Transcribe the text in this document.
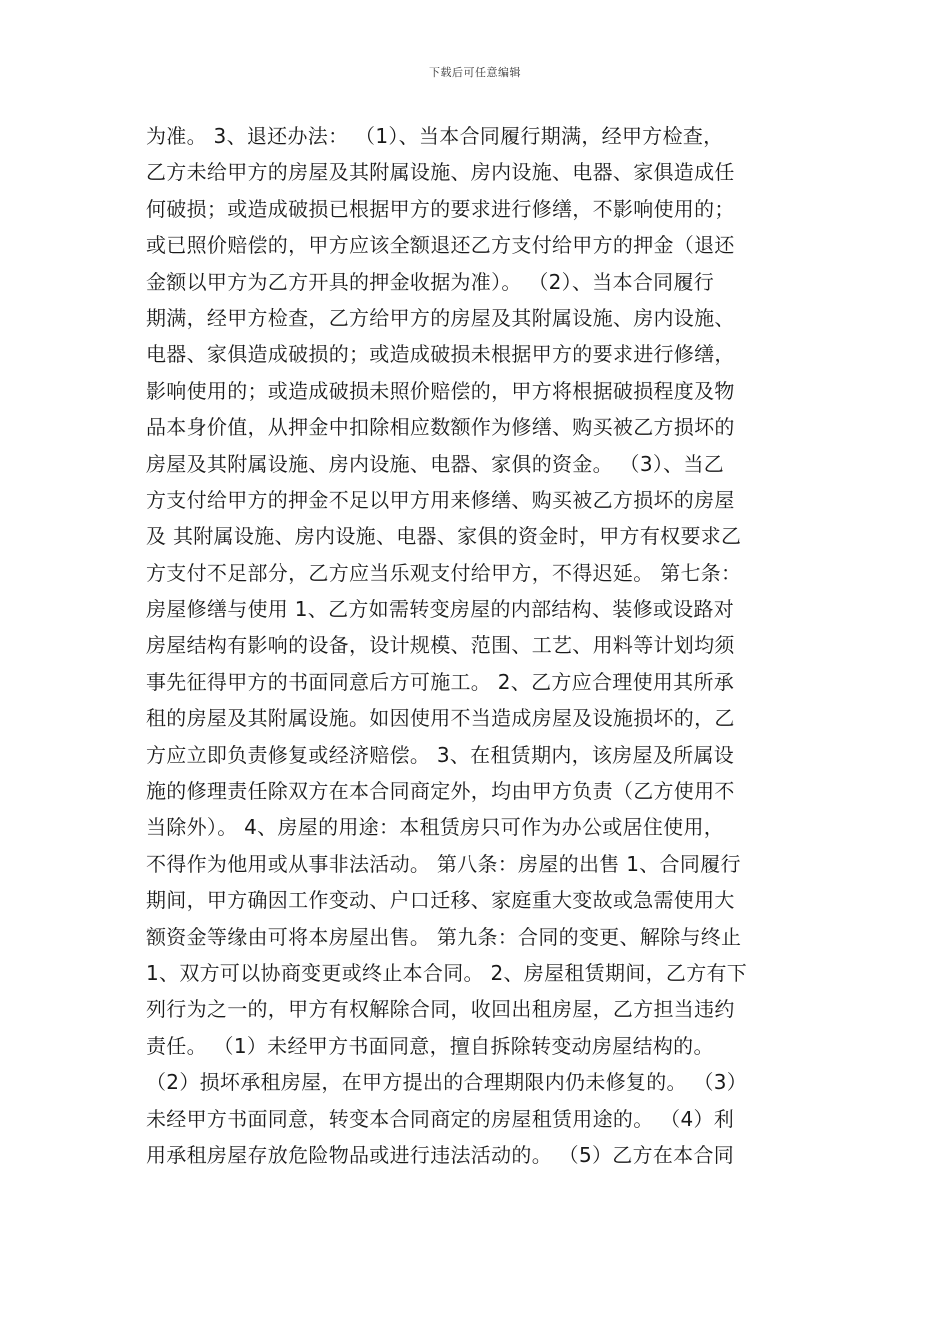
下载后可任意编辑
为准。 3、退还办法： （1）、当本合同履行期满，经甲方检查，
乙方未给甲方的房屋及其附属设施、房内设施、电器、家俱造成任
何破损；或造成破损已根据甲方的要求进行修缮，不影响使用的；
或已照价赔偿的，甲方应该全额退还乙方支付给甲方的押金（退还
金额以甲方为乙方开具的押金收据为准）。 （2）、当本合同履行
期满，经甲方检查，乙方给甲方的房屋及其附属设施、房内设施、
电器、家俱造成破损的；或造成破损未根据甲方的要求进行修缮，
影响使用的；或造成破损未照价赔偿的，甲方将根据破损程度及物
品本身价值，从押金中扣除相应数额作为修缮、购买被乙方损坏的
房屋及其附属设施、房内设施、电器、家俱的资金。 （3）、当乙
方支付给甲方的押金不足以甲方用来修缮、购买被乙方损坏的房屋
及 其附属设施、房内设施、电器、家俱的资金时，甲方有权要求乙
方支付不足部分，乙方应当乐观支付给甲方，不得迟延。 第七条：
房屋修缮与使用 1、乙方如需转变房屋的内部结构、装修或设路对
房屋结构有影响的设备，设计规模、范围、工艺、用料等计划均须
事先征得甲方的书面同意后方可施工。 2、乙方应合理使用其所承
租的房屋及其附属设施。如因使用不当造成房屋及设施损坏的，乙
方应立即负责修复或经济赔偿。 3、在租赁期内，该房屋及所属设
施的修理责任除双方在本合同商定外，均由甲方负责（乙方使用不
当除外）。 4、房屋的用途：本租赁房只可作为办公或居住使用，
不得作为他用或从事非法活动。 第八条：房屋的出售 1、合同履行
期间，甲方确因工作变动、户口迁移、家庭重大变故或急需使用大
额资金等缘由可将本房屋出售。 第九条：合同的变更、解除与终止
1、双方可以协商变更或终止本合同。 2、房屋租赁期间，乙方有下
列行为之一的，甲方有权解除合同，收回出租房屋，乙方担当违约
责任。 （1）未经甲方书面同意，擅自拆除转变动房屋结构的。
（2）损坏承租房屋，在甲方提出的合理期限内仍未修复的。 （3）
未经甲方书面同意，转变本合同商定的房屋租赁用途的。 （4）利
用承租房屋存放危险物品或进行违法活动的。 （5）乙方在本合同
